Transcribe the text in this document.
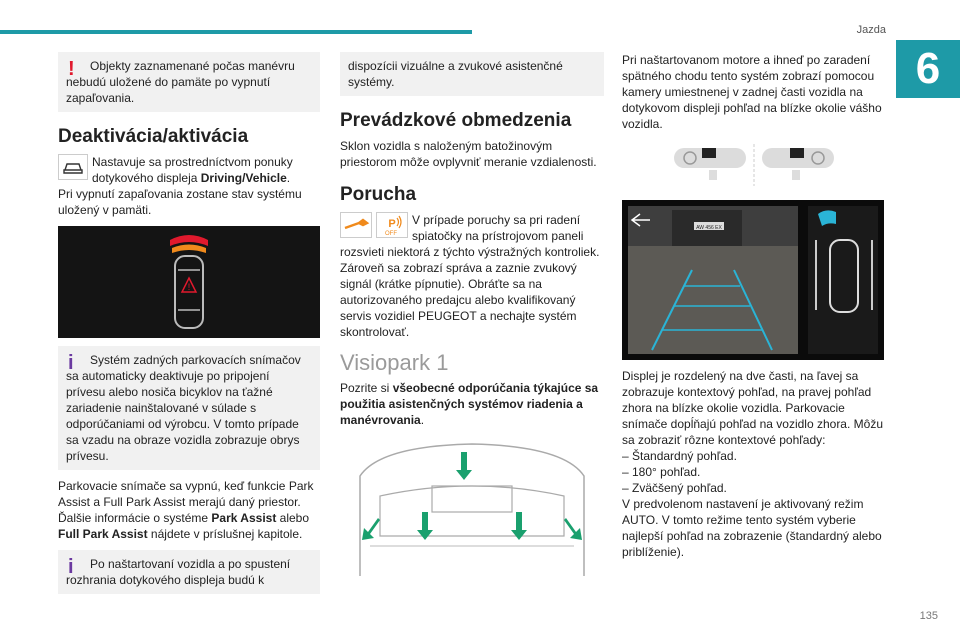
Jazda
6
!	Objekty zaznamenané počas manévru nebudú uložené do pamäte po vypnutí zapaľovania.

Deaktivácia/aktivácia
Nastavuje sa prostredníctvom ponuky dotykového displeja Driving/Vehicle.

Pri vypnutí zapaľovania zostane stav systému uložený v pamäti.

!
i	Systém zadných parkovacích snímačov sa automaticky deaktivuje po pripojení prívesu alebo nosiča bicyklov na ťažné zariadenie nainštalované v súlade s odporúčaniami od výrobcu. V tomto prípade sa vzadu na obraze vozidla zobrazuje obrys prívesu.

Parkovacie snímače sa vypnú, keď funkcie Park Assist a Full Park Assist merajú daný priestor. Ďalšie informácie o systéme Park Assist alebo Full Park Assist nájdete v príslušnej kapitole.

i	Po naštartovaní vozidla a po spustení rozhrania dotykového displeja budú k

dispozícii vizuálne a zvukové asistenčné systémy.

Prevádzkové obmedzenia

Sklon vozidla s naloženým batožinovým priestorom môže ovplyvniť meranie vzdialenosti.

Porucha
P
OFF
V prípade poruchy sa pri radení spiatočky na prístrojovom paneli rozsvieti niektorá z týchto výstražných kontroliek. Zároveň sa zobrazí správa a zaznie zvukový signál (krátke pípnutie). Obráťte sa na autorizovaného predajcu alebo kvalifikovaný servis vozidiel PEUGEOT a nechajte systém skontrolovať.
Visiopark 1

Pozrite si všeobecné odporúčania týkajúce sa použitia asistenčných systémov riadenia a manévrovania.

Pri naštartovanom motore a ihneď po zaradení spätného chodu tento systém zobrazí pomocou kamery umiestnenej v zadnej časti vozidla na dotykovom displeji pohľad na blízke okolie vášho vozidla.

AW 456 EX

Displej je rozdelený na dve časti, na ľavej sa zobrazuje kontextový pohľad, na pravej pohľad zhora na blízke okolie vozidla. Parkovacie snímače dopĺňajú pohľad na vozidlo zhora. Môžu sa zobraziť rôzne kontextové pohľady:

– Štandardný pohľad.

– 180° pohľad.

– Zväčšený pohľad.

V predvolenom nastavení je aktivovaný režim AUTO. V tomto režime tento systém vyberie najlepší pohľad na zobrazenie (štandardný alebo priblíženie).

135
